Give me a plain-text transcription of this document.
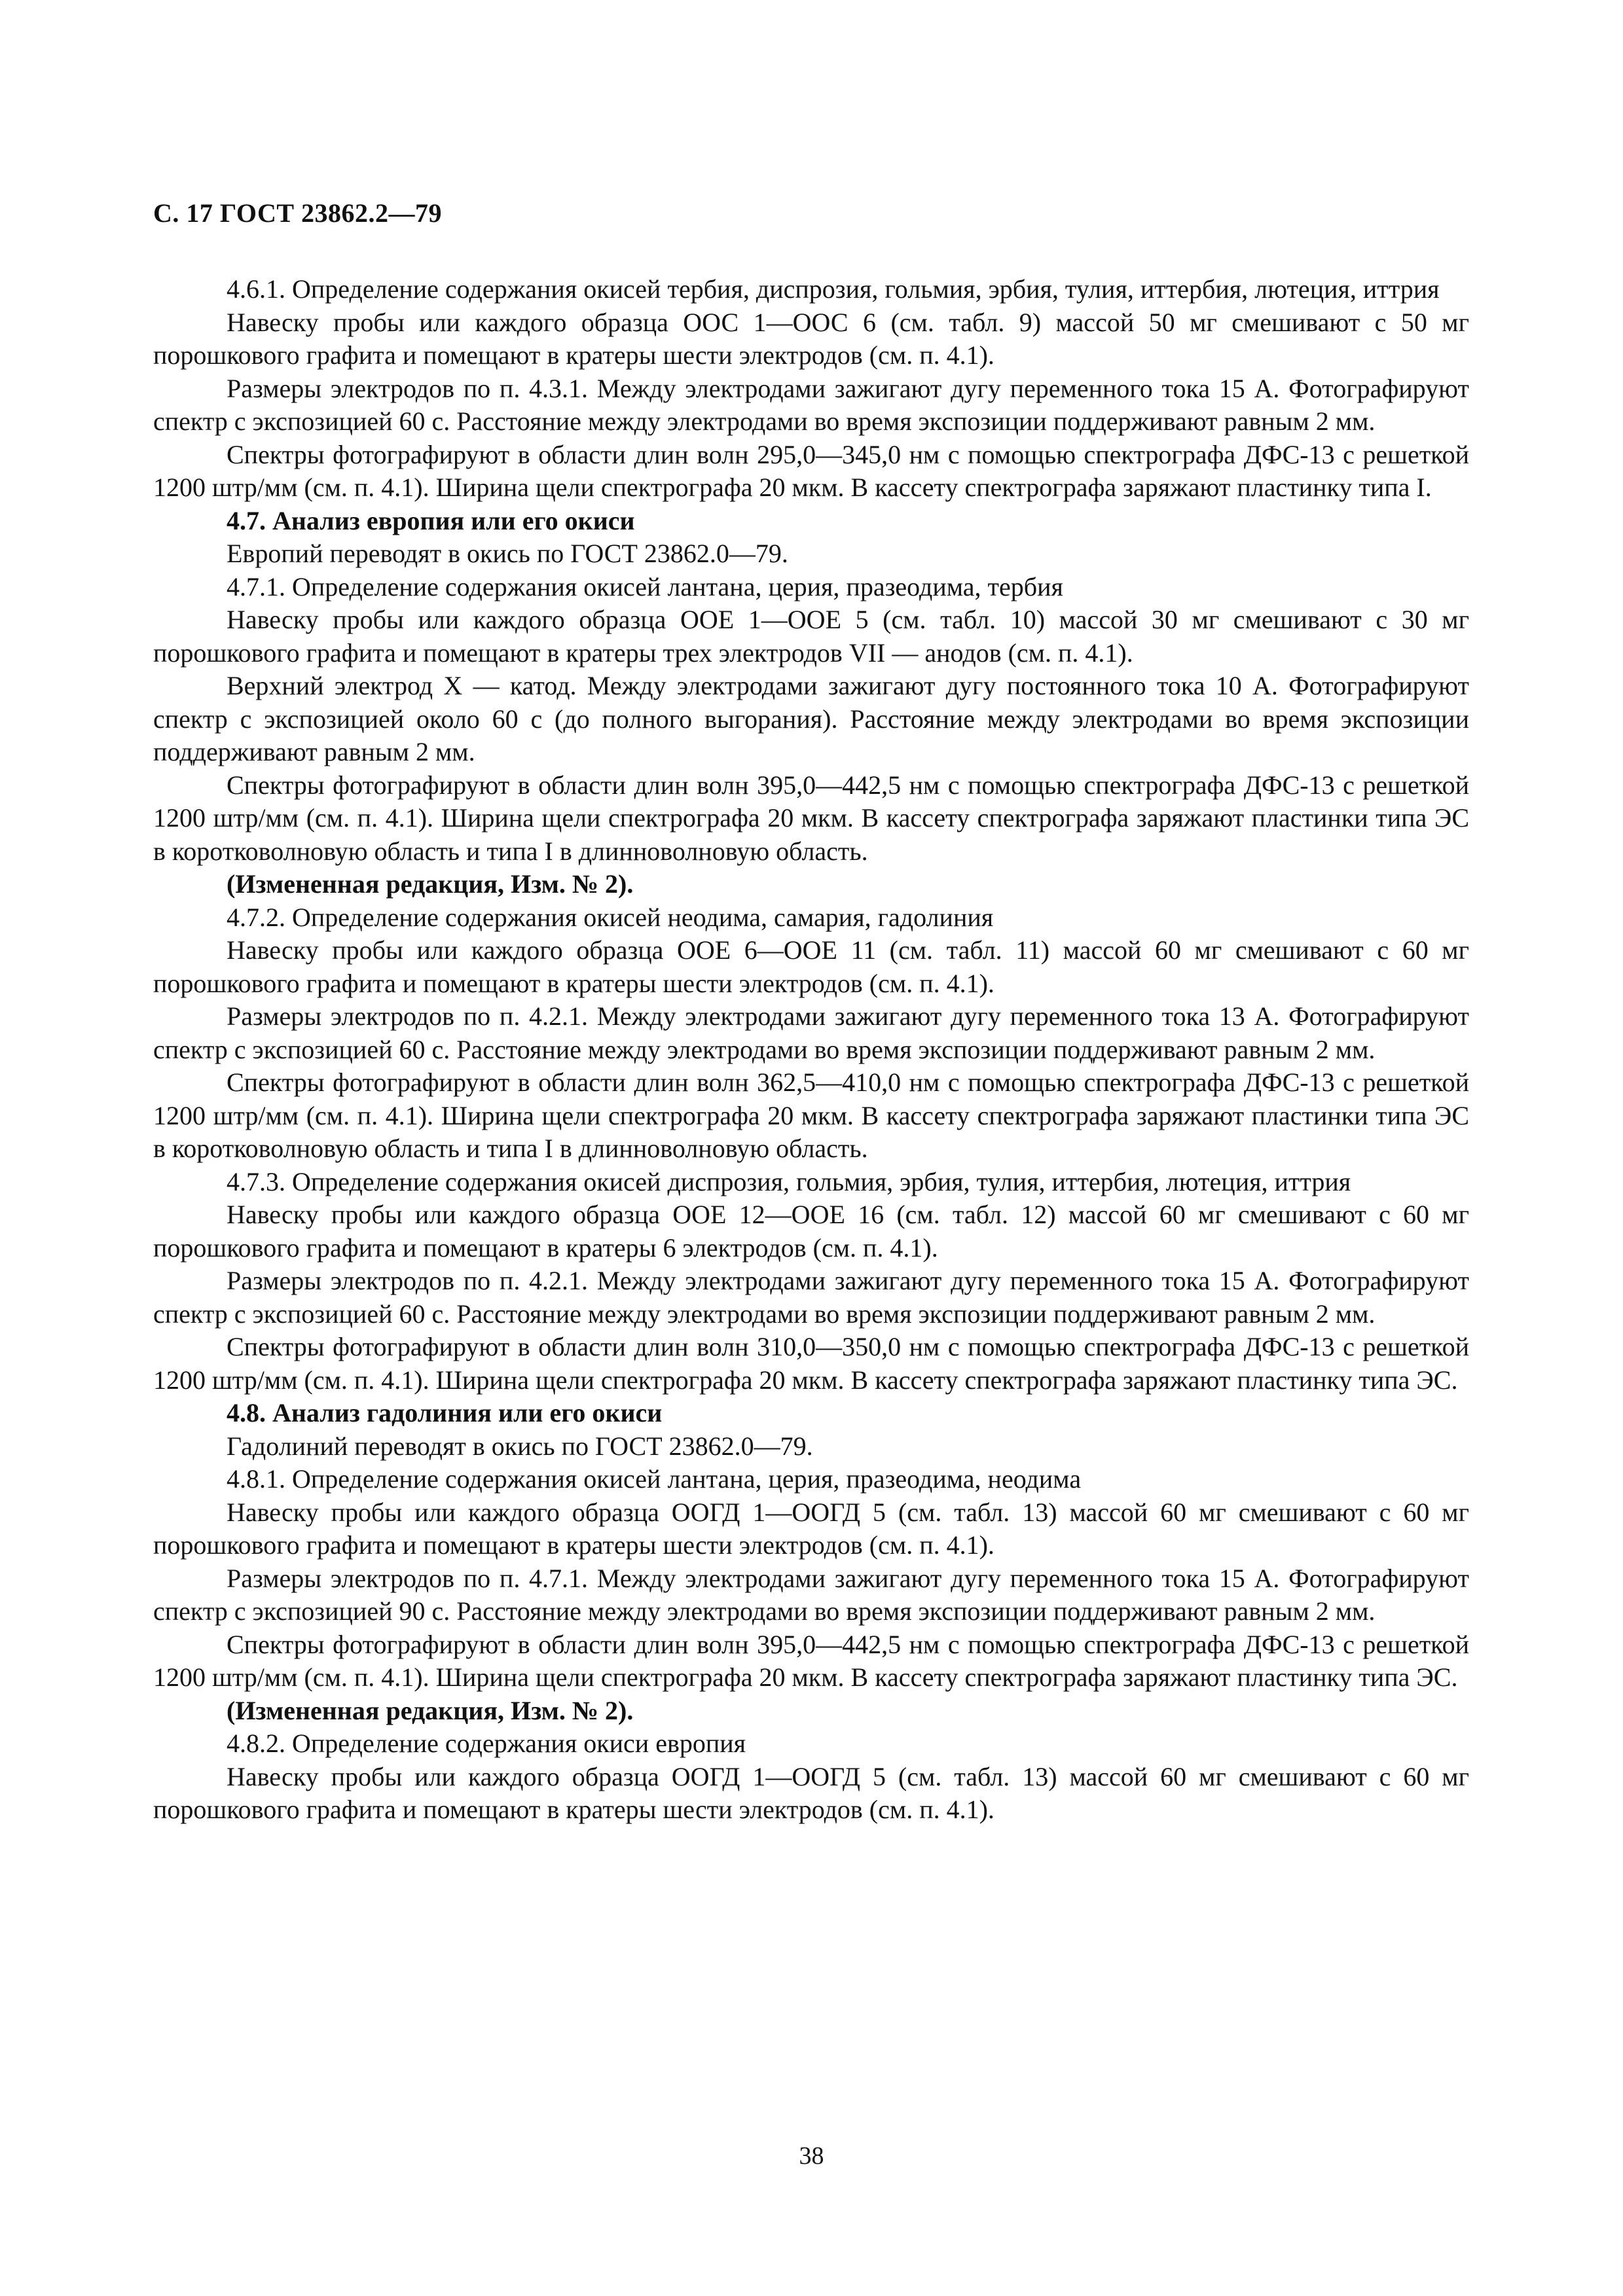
С. 17 ГОСТ 23862.2—79

4.6.1. Определение содержания окисей тербия, диспрозия, гольмия, эрбия, тулия, иттербия, лютеция, иттрия

Навеску пробы или каждого образца ООС 1—ООС 6 (см. табл. 9) массой 50 мг смешивают с 50 мг порошкового графита и помещают в кратеры шести электродов (см. п. 4.1).

Размеры электродов по п. 4.3.1. Между электродами зажигают дугу переменного тока 15 А. Фотографируют спектр с экспозицией 60 с. Расстояние между электродами во время экспозиции поддерживают равным 2 мм.

Спектры фотографируют в области длин волн 295,0—345,0 нм с помощью спектрографа ДФС-13 с решеткой 1200 штр/мм (см. п. 4.1). Ширина щели спектрографа 20 мкм. В кассету спектрографа заряжают пластинку типа I.

4.7. Анализ европия или его окиси

Европий переводят в окись по ГОСТ 23862.0—79.

4.7.1. Определение содержания окисей лантана, церия, празеодима, тербия

Навеску пробы или каждого образца ООЕ 1—ООЕ 5 (см. табл. 10) массой 30 мг смешивают с 30 мг порошкового графита и помещают в кратеры трех электродов VII — анодов (см. п. 4.1).

Верхний электрод Х — катод. Между электродами зажигают дугу постоянного тока 10 А. Фотографируют спектр с экспозицией около 60 с (до полного выгорания). Расстояние между электродами во время экспозиции поддерживают равным 2 мм.

Спектры фотографируют в области длин волн 395,0—442,5 нм с помощью спектрографа ДФС-13 с решеткой 1200 штр/мм (см. п. 4.1). Ширина щели спектрографа 20 мкм. В кассету спектрографа заряжают пластинки типа ЭС в коротковолновую область и типа I в длинноволновую область.

(Измененная редакция, Изм. № 2).

4.7.2. Определение содержания окисей неодима, самария, гадолиния

Навеску пробы или каждого образца ООЕ 6—ООЕ 11 (см. табл. 11) массой 60 мг смешивают с 60 мг порошкового графита и помещают в кратеры шести электродов (см. п. 4.1).

Размеры электродов по п. 4.2.1. Между электродами зажигают дугу переменного тока 13 А. Фотографируют спектр с экспозицией 60 с. Расстояние между электродами во время экспозиции поддерживают равным 2 мм.

Спектры фотографируют в области длин волн 362,5—410,0 нм с помощью спектрографа ДФС-13 с решеткой 1200 штр/мм (см. п. 4.1). Ширина щели спектрографа 20 мкм. В кассету спектрографа заряжают пластинки типа ЭС в коротковолновую область и типа I в длинноволновую область.

4.7.3. Определение содержания окисей диспрозия, гольмия, эрбия, тулия, иттербия, лютеция, иттрия

Навеску пробы или каждого образца ООЕ 12—ООЕ 16 (см. табл. 12) массой 60 мг смешивают с 60 мг порошкового графита и помещают в кратеры 6 электродов (см. п. 4.1).

Размеры электродов по п. 4.2.1. Между электродами зажигают дугу переменного тока 15 А. Фотографируют спектр с экспозицией 60 с. Расстояние между электродами во время экспозиции поддерживают равным 2 мм.

Спектры фотографируют в области длин волн 310,0—350,0 нм с помощью спектрографа ДФС-13 с решеткой 1200 штр/мм (см. п. 4.1). Ширина щели спектрографа 20 мкм. В кассету спектрографа заряжают пластинку типа ЭС.

4.8. Анализ гадолиния или его окиси

Гадолиний переводят в окись по ГОСТ 23862.0—79.

4.8.1. Определение содержания окисей лантана, церия, празеодима, неодима

Навеску пробы или каждого образца ООГД 1—ООГД 5 (см. табл. 13) массой 60 мг смешивают с 60 мг порошкового графита и помещают в кратеры шести электродов (см. п. 4.1).

Размеры электродов по п. 4.7.1. Между электродами зажигают дугу переменного тока 15 А. Фотографируют спектр с экспозицией 90 с. Расстояние между электродами во время экспозиции поддерживают равным 2 мм.

Спектры фотографируют в области длин волн 395,0—442,5 нм с помощью спектрографа ДФС-13 с решеткой 1200 штр/мм (см. п. 4.1). Ширина щели спектрографа 20 мкм. В кассету спектрографа заряжают пластинку типа ЭС.

(Измененная редакция, Изм. № 2).

4.8.2. Определение содержания окиси европия

Навеску пробы или каждого образца ООГД 1—ООГД 5 (см. табл. 13) массой 60 мг смешивают с 60 мг порошкового графита и помещают в кратеры шести электродов (см. п. 4.1).

38
